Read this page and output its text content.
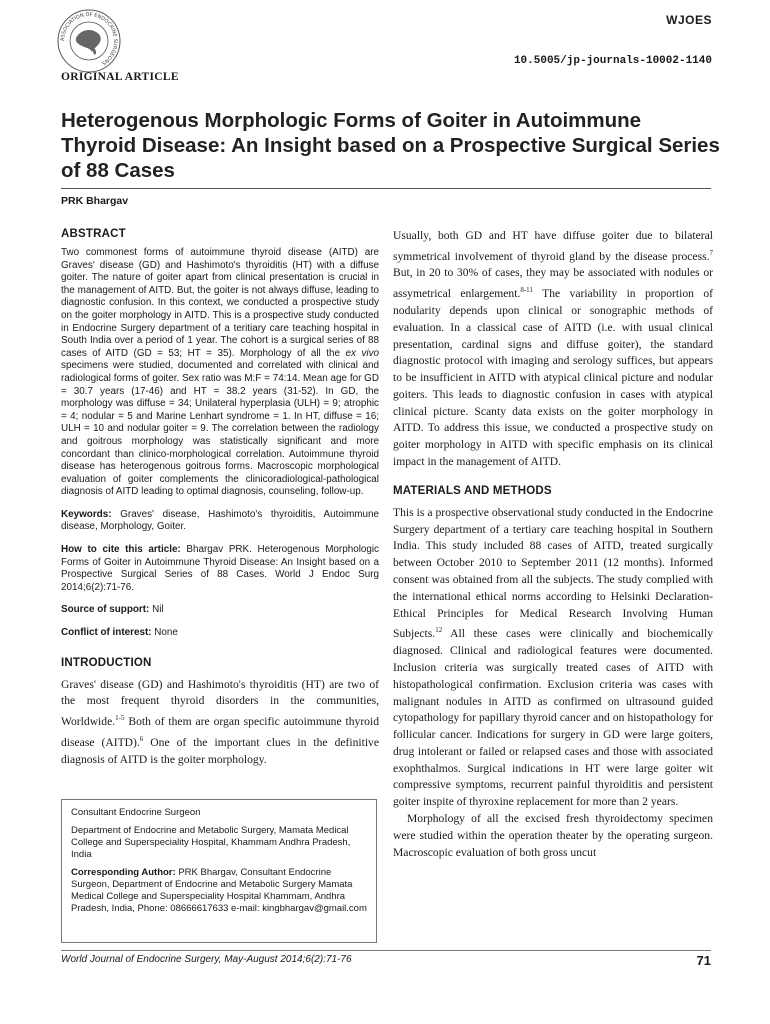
ASSOCIATION OF ENDOCRINE SURGEONS
WJOES
10.5005/jp-journals-10002-1140
ORIGINAL ARTICLE
Heterogenous Morphologic Forms of Goiter in Autoimmune Thyroid Disease: An Insight based on a Prospective Surgical Series of 88 Cases
PRK Bhargav
ABSTRACT

Two commonest forms of autoimmune thyroid disease (AITD) are Graves' disease (GD) and Hashimoto's thyroiditis (HT) with a diffuse goiter. The nature of goiter apart from clinical presentation is crucial in the management of AITD. But, the goiter is not always diffuse, leading to diagnostic confusion. In this context, we conducted a prospective study on the goiter morphology in AITD. This is a prospective study conducted in Endocrine Surgery department of a teritiary care teaching hospital in South India over a period of 1 year. The cohort is a surgical series of 88 cases of AITD (GD = 53; HT = 35). Morphology of all the ex vivo specimens were studied, documented and correlated with clinical and radiological forms of goiter. Sex ratio was M:F = 74:14. Mean age for GD = 30.7 years (17-46) and HT = 38.2 years (31-52). In GD, the morphology was diffuse = 34; Unilateral hyperplasia (ULH) = 9; atrophic = 4; nodular = 5 and Marine Lenhart syndrome = 1. In HT, diffuse = 16; ULH = 10 and nodular goiter = 9. The correlation between the radiology and goitrous morphology was statistically significant and more concordant than clinico-morphological correlation. Autoimmune thyroid disease has heterogenous goitrous forms. Macroscopic morphological evaluation of goiter complements the clinicoradiological-pathological diagnosis of AITD leading to optimal diagnosis, counseling, follow-up.

Keywords: Graves' disease, Hashimoto's thyroiditis, Autoimmune disease, Morphology, Goiter.

How to cite this article: Bhargav PRK. Heterogenous Morphologic Forms of Goiter in Autoimmune Thyroid Disease: An Insight based on a Prospective Surgical Series of 88 Cases. World J Endoc Surg 2014;6(2):71-76.

Source of support: Nil

Conflict of interest: None

INTRODUCTION

Graves' disease (GD) and Hashimoto's thyroiditis (HT) are two of the most frequent thyroid disorders in the communities, Worldwide.$^{1-5}$ Both of them are organ specific autoimmune thyroid disease (AITD).$^6$ One of the important clues in the definitive diagnosis of AITD is the goiter morphology.

Consultant Endocrine Surgeon

Department of Endocrine and Metabolic Surgery, Mamata Medical College and Superspeciality Hospital, Khammam Andhra Pradesh, India

Corresponding Author: PRK Bhargav, Consultant Endocrine Surgeon, Department of Endocrine and Metabolic Surgery Mamata Medical College and Superspeciality Hospital Khammam, Andhra Pradesh, India, Phone: 08666617633 e-mail: kingbhargav@gmail.com

Usually, both GD and HT have diffuse goiter due to bilateral symmetrical involvement of thyroid gland by the disease process.$^7$ But, in 20 to 30% of cases, they may be associated with nodules or assymetrical enlargement.$^{8-11}$ The variability in proportion of nodularity depends upon clinical or sonographic methods of evaluation. In a classical case of AITD (i.e. with usual clinical presentation, cardinal signs and diffuse goiter), the standard diagnostic protocol with imaging and serology suffices, but appears to be insufficient in AITD with atypical clinical picture and nodular goiters. This leads to diagnostic confusion in cases with atypical clinical picture. Scanty data exists on the goiter morphology in AITD. To address this issue, we conducted a prospective study on goiter morphology in AITD with specific emphasis on its clinical impact in the management of AITD.

MATERIALS AND METHODS

This is a prospective observational study conducted in the Endocrine Surgery department of a tertiary care teaching hospital in Southern India. This study included 88 cases of AITD, treated surgically between October 2010 to September 2011 (12 months). Informed consent was obtained from all the subjects. The study complied with the international ethical norms according to Helsinki Declaration-Ethical Principles for Medical Research Involving Human Subjects.$^{12}$ All these cases were clinically and biochemically diagnosed. Clinical and radiological features were documented. Inclusion criteria was surgically treated cases of AITD with histopathological confirmation. Exclusion criteria was cases with malignant nodules in AITD as confirmed on ultrasound guided cytopathology for papillary thyroid cancer and on histopathology for follicular cancer. Indications for surgery in GD were large goiters, drug intolerant or failed or relapsed cases and those with associated exophthalmos. Surgical indications in HT were large goiter wit compressive symptoms, recurrent painful thyroiditis and persistent goiter inspite of thyroxine replacement for more than 2 years.

Morphology of all the excised fresh thyroidectomy specimen were studied within the operation theater by the operating surgeon. Macroscopic evaluation of both gross uncut

World Journal of Endocrine Surgery, May-August 2014;6(2):71-76	71
